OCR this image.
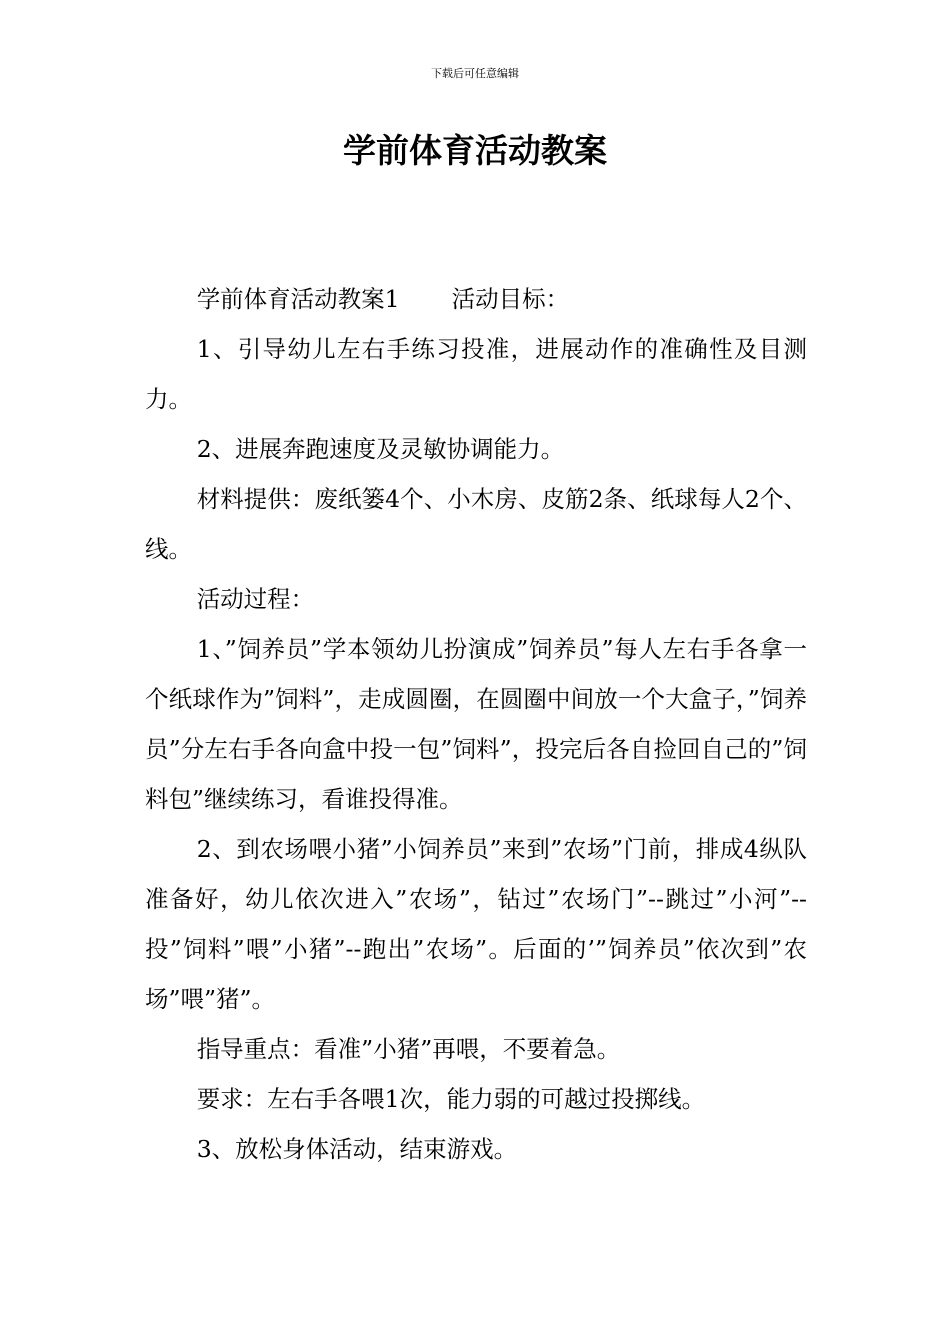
下载后可任意编辑
学前体育活动教案

学前体育活动教案1 活动目标：

1、引导幼儿左右手练习投准，进展动作的准确性及目测力。

2、进展奔跑速度及灵敏协调能力。

材料提供：废纸篓4个、小木房、皮筋2条、纸球每人2个、线。

活动过程：

1、”饲养员”学本领幼儿扮演成”饲养员”每人左右手各拿一个纸球作为”饲料”，走成圆圈，在圆圈中间放一个大盒子，”饲养员”分左右手各向盒中投一包”饲料”，投完后各自捡回自己的”饲料包”继续练习，看谁投得准。

2、到农场喂小猪”小饲养员”来到”农场”门前，排成4纵队准备好，幼儿依次进入”农场”，钻过”农场门”--跳过”小河”--投”饲料”喂”小猪”--跑出”农场”。后面的’”饲养员”依次到”农场”喂”猪”。

指导重点：看准”小猪”再喂，不要着急。

要求：左右手各喂1次，能力弱的可越过投掷线。

3、放松身体活动，结束游戏。
